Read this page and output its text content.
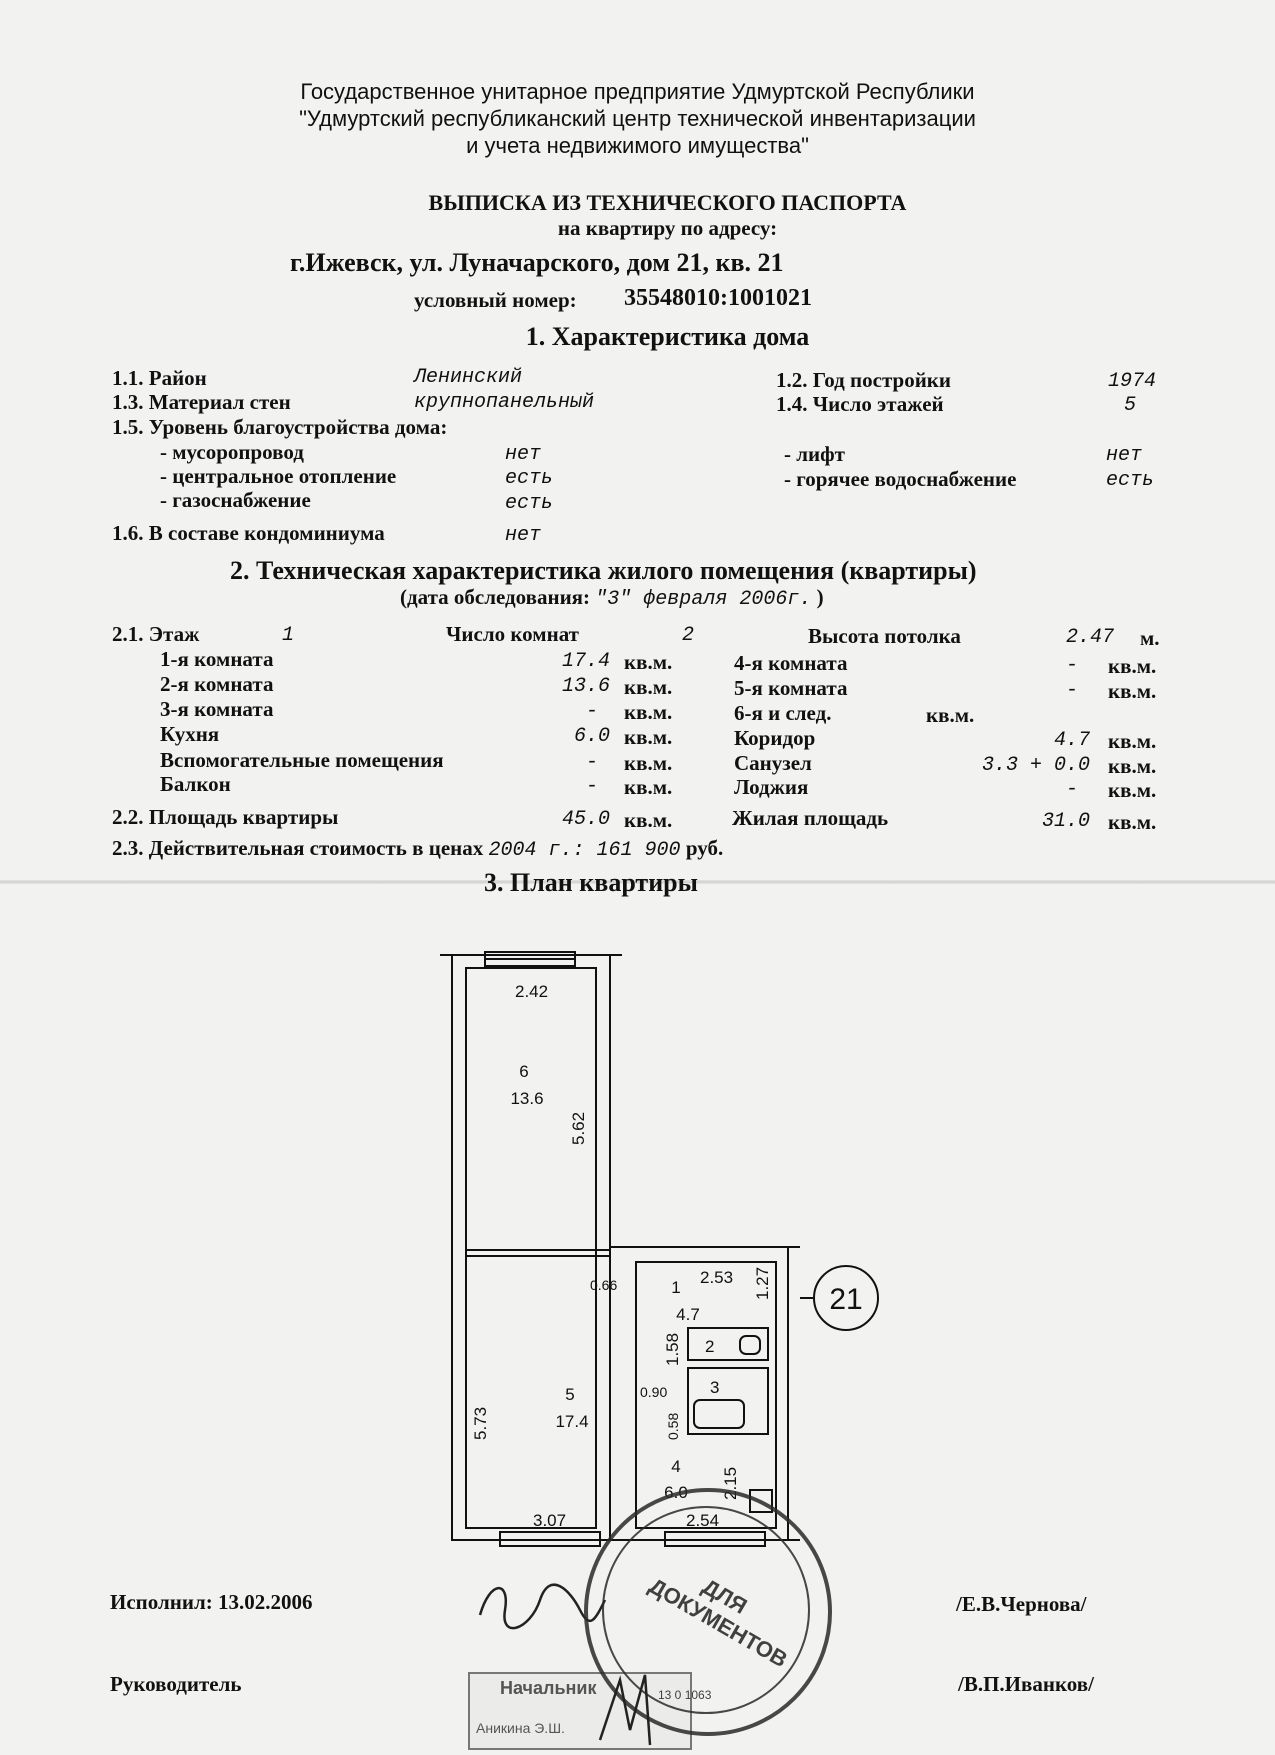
Государственное унитарное предприятие Удмуртской Республики
"Удмуртский республиканский центр технической инвентаризации
и учета недвижимого имущества"
ВЫПИСКА ИЗ ТЕХНИЧЕСКОГО ПАСПОРТА
на квартиру по адресу:
г.Ижевск, ул. Луначарского, дом 21, кв. 21
условный номер: 35548010:1001021
1. Характеристика дома
1.1. Район	Ленинский	1.2. Год постройки	1974
1.3. Материал стен	крупнопанельный	1.4. Число этажей	5
1.5. Уровень благоустройства дома:
- мусоропровод	нет	- лифт	нет
- центральное отопление	есть	- горячее водоснабжение	есть
- газоснабжение	есть
1.6. В составе кондоминиума	нет
2. Техническая характеристика жилого помещения (квартиры)
(дата обследования: "3" февраля 2006г. )
2.1. Этаж	1	Число комнат	2	Высота потолка	2.47 м.
1-я комната	17.4 кв.м.
2-я комната	13.6 кв.м.
3-я комната	- кв.м.
Кухня	6.0 кв.м.
Вспомогательные помещения	- кв.м.
Балкон	- кв.м.
4-я комната	- кв.м.
5-я комната	- кв.м.
6-я и след.	кв.м.
Коридор	4.7 кв.м.
Санузел	3.3 + 0.0 кв.м.
Лоджия	- кв.м.
2.2. Площадь квартиры	45.0 кв.м.	Жилая площадь	31.0 кв.м.
2.3. Действительная стоимость в ценах 2004 г.: 161 900 руб.
3. План квартиры
2.42
6
13.6
5.62
0.66	1
4.7
2.53 1.27 21
1.58 2
0.90	3
5.73
5
17.4	0.58
4
6.0 2.15
3.07	2.54
Исполнил: 13.02.2006	/Е.В.Чернова/
Руководитель	/В.П.Иванков/
Начальник
Аникина Э.Ш.
ДЛЯ ДОКУМЕНТОВ
13 0 1063
